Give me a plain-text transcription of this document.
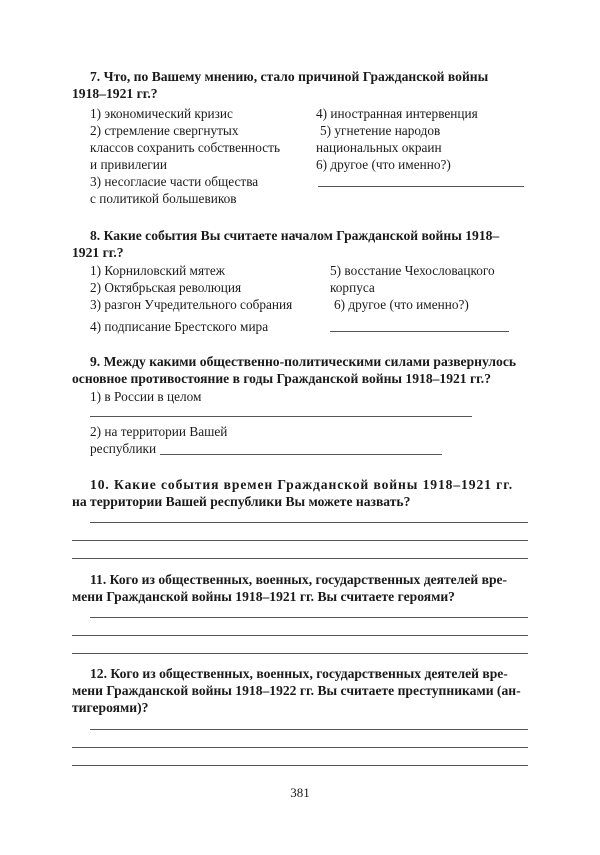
7. Что, по Вашему мнению, стало причиной Гражданской войны
1918–1921 гг.?
1) экономический кризис
2) стремление свергнутых
классов сохранить собственность
и привилегии
3) несогласие части общества
с политикой большевиков
4) иностранная интервенция
5) угнетение народов
национальных окраин
6) другое (что именно?)
8. Какие события Вы считаете началом Гражданской войны 1918–
1921 гг.?
1) Корниловский мятеж
2) Октябрьская революция
3) разгон Учредительного собрания
4) подписание Брестского мира
5) восстание Чехословацкого
корпуса
6) другое (что именно?)
9. Между какими общественно-политическими силами развернулось
основное противостояние в годы Гражданской войны 1918–1921 гг.?
1) в России в целом
2) на территории Вашей
республики
10. Какие события времен Гражданской войны 1918–1921 гг.
на территории Вашей республики Вы можете назвать?
11. Кого из общественных, военных, государственных деятелей вре-
мени Гражданской войны 1918–1921 гг. Вы считаете героями?
12. Кого из общественных, военных, государственных деятелей вре-
мени Гражданской войны 1918–1922 гг. Вы считаете преступниками (ан-
тигероями)?
381
